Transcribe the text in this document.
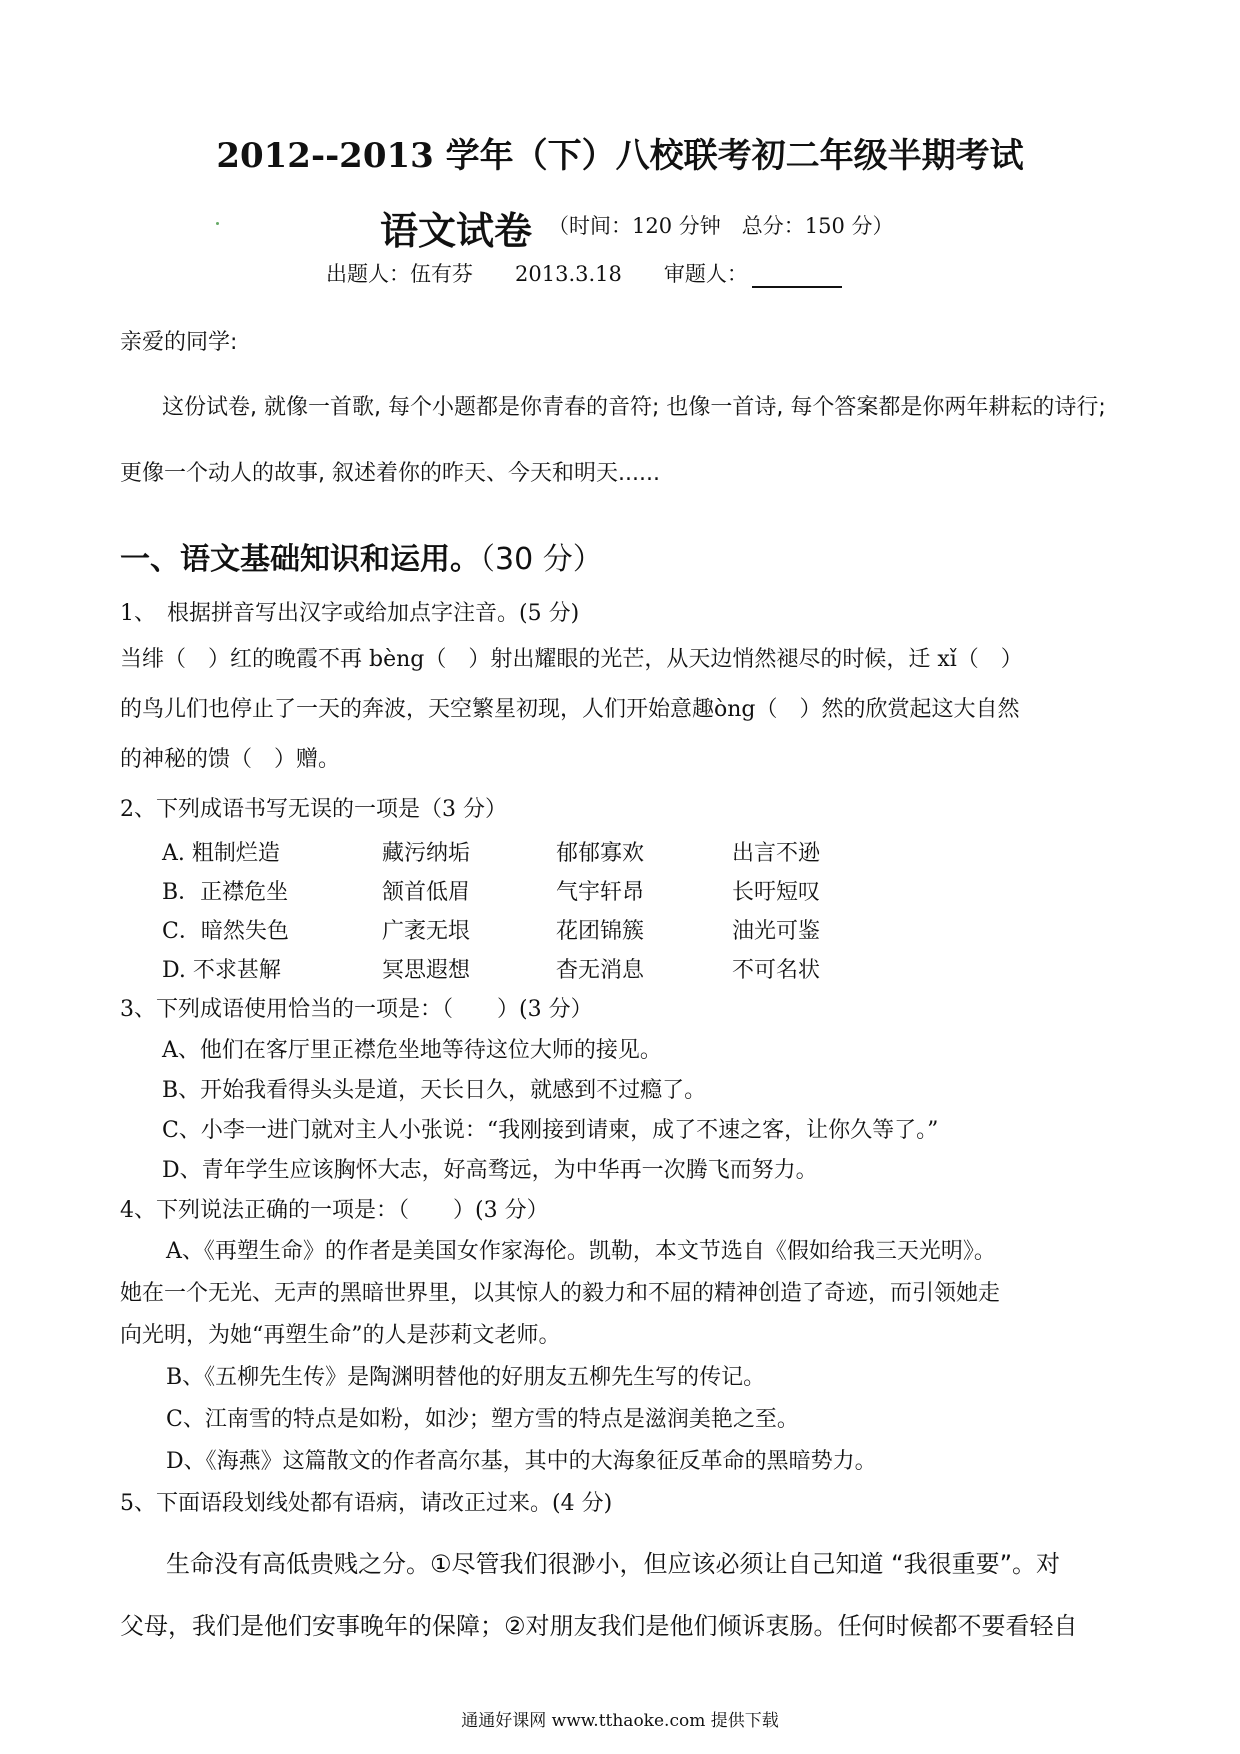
2012--2013 学年（下）八校联考初二年级半期考试
语文试卷 （时间：120 分钟　总分：150 分）
出题人：伍有芬　　2013.3.18　　审题人：
亲爱的同学:
这份试卷, 就像一首歌, 每个小题都是你青春的音符; 也像一首诗, 每个答案都是你两年耕耘的诗行;
更像一个动人的故事, 叙述着你的昨天、今天和明天......
一、语文基础知识和运用。（30 分）
1、　根据拼音写出汉字或给加点字注音。(5 分)
当绯（　）红的晚霞不再 bèng（　）射出耀眼的光芒，从天边悄然褪尽的时候，迁 xǐ（　）
的鸟儿们也停止了一天的奔波，天空繁星初现，人们开始意趣òng（　）然的欣赏起这大自然
的神秘的馈（　）赠。
2、下列成语书写无误的一项是（3 分）
A. 粗制烂造	藏污纳垢	郁郁寡欢	出言不逊
B．正襟危坐	颔首低眉	气宇轩昂	长吁短叹
C．暗然失色	广袤无垠	花团锦簇	油光可鉴
D. 不求甚解	冥思遐想	杳无消息	不可名状
3、下列成语使用恰当的一项是：（　　）(3 分）
A、他们在客厅里正襟危坐地等待这位大师的接见。
B、开始我看得头头是道，天长日久，就感到不过瘾了。
C、小李一进门就对主人小张说：“我刚接到请柬，成了不速之客，让你久等了。”
D、青年学生应该胸怀大志，好高骛远，为中华再一次腾飞而努力。
4、下列说法正确的一项是：（　　）(3 分）
A、《再塑生命》的作者是美国女作家海伦。凯勒，本文节选自《假如给我三天光明》。
她在一个无光、无声的黑暗世界里，以其惊人的毅力和不屈的精神创造了奇迹，而引领她走
向光明，为她“再塑生命”的人是莎莉文老师。
B、《五柳先生传》是陶渊明替他的好朋友五柳先生写的传记。
C、江南雪的特点是如粉，如沙；塑方雪的特点是滋润美艳之至。
D、《海燕》这篇散文的作者高尔基，其中的大海象征反革命的黑暗势力。
5、下面语段划线处都有语病，请改正过来。(4 分)
生命没有高低贵贱之分。①尽管我们很渺小，但应该必须让自己知道 “我很重要”。对
父母，我们是他们安事晚年的保障；②对朋友我们是他们倾诉衷肠。任何时候都不要看轻自
通通好课网 www.tthaoke.com 提供下载
